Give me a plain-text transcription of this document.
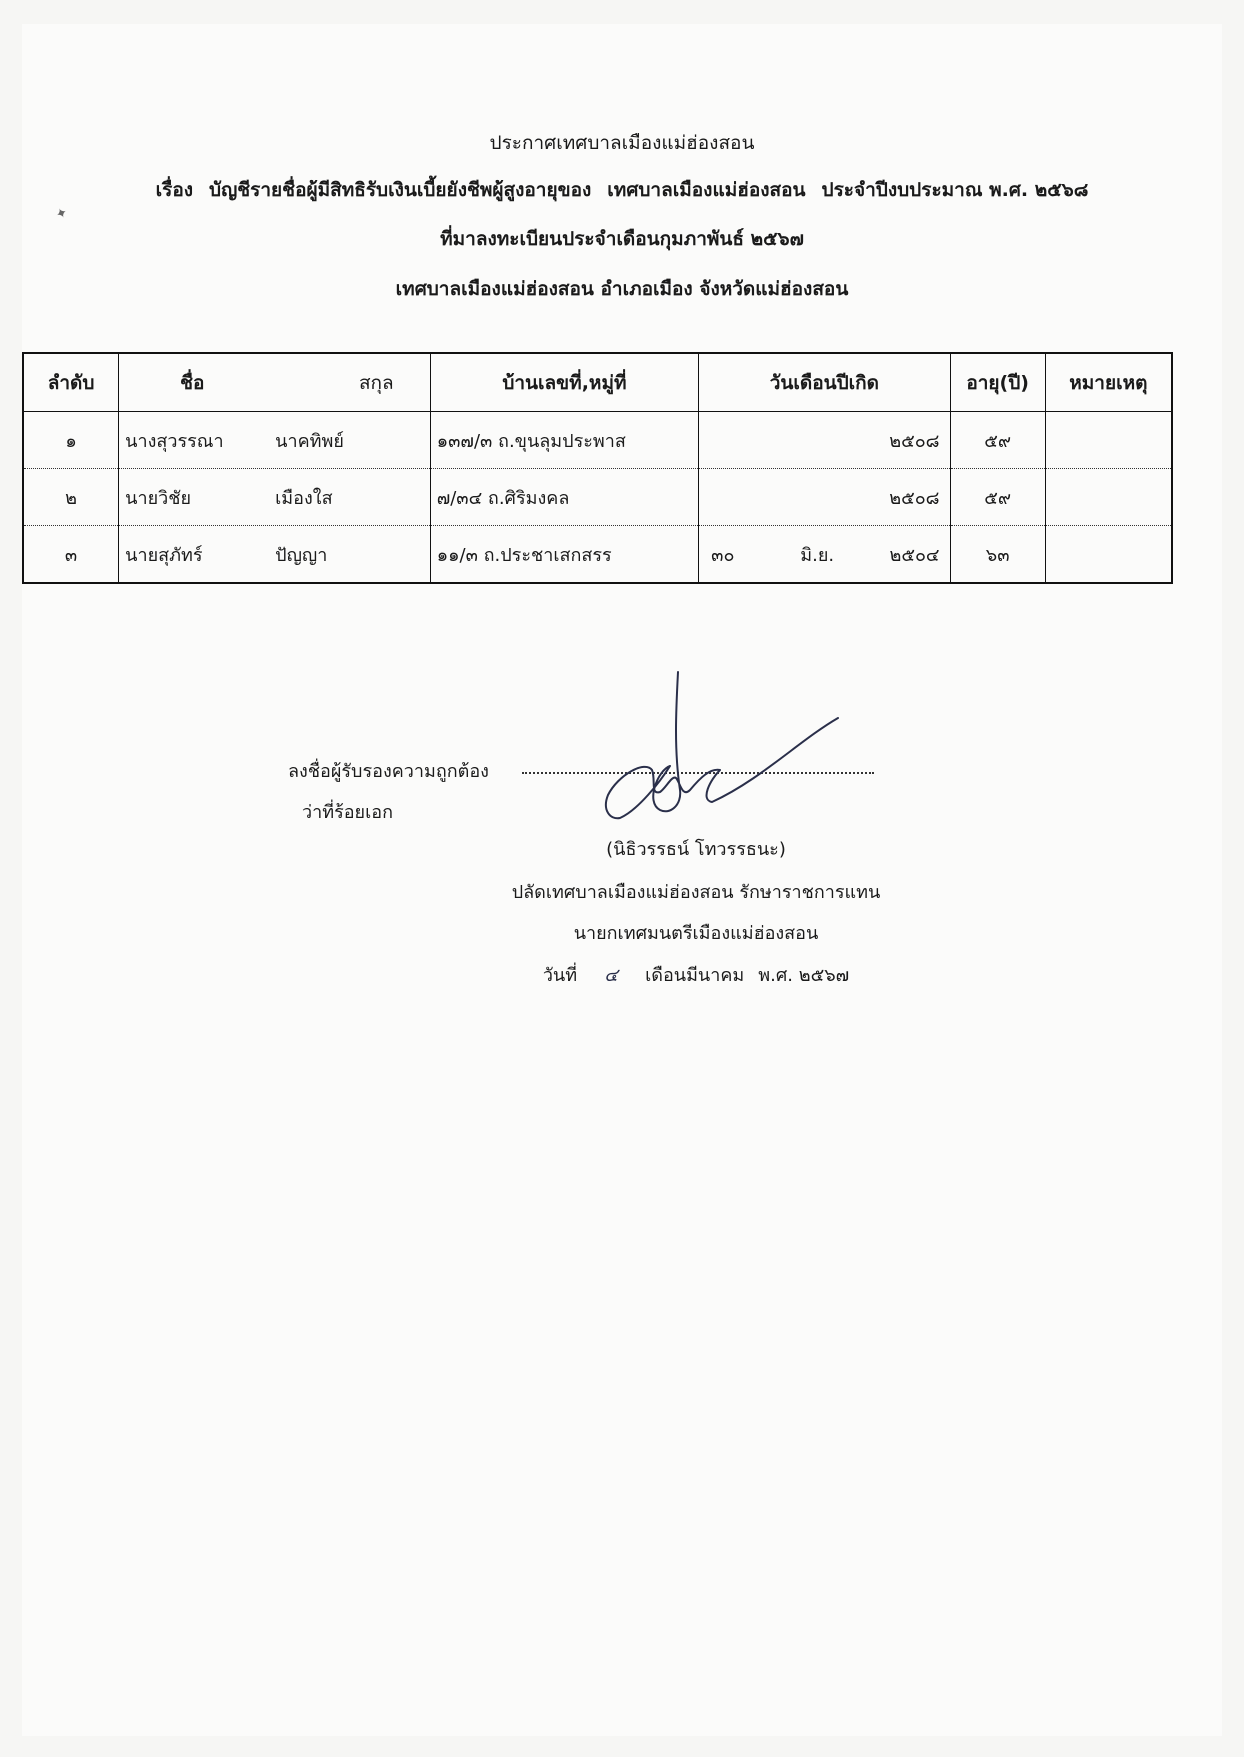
ประกาศเทศบาลเมืองแม่ฮ่องสอน
✦
เรื่อง บัญชีรายชื่อผู้มีสิทธิรับเงินเบี้ยยังชีพผู้สูงอายุของ เทศบาลเมืองแม่ฮ่องสอน ประจำปีงบประมาณ พ.ศ. ๒๕๖๘
ที่มาลงทะเบียนประจำเดือนกุมภาพันธ์ ๒๕๖๗
เทศบาลเมืองแม่ฮ่องสอน อำเภอเมือง จังหวัดแม่ฮ่องสอน
ลำดับ	ชื่อ สกุล	บ้านเลขที่,หมู่ที่	วันเดือนปีเกิด	อายุ(ปี)	หมายเหตุ
๑	นางสุวรรณา นาคทิพย์	๑๓๗/๓ ถ.ขุนลุมประพาส	๒๕๐๘	๕๙	
๒	นายวิชัย เมืองใส	๗/๓๔ ถ.ศิริมงคล	๒๕๐๘	๕๙	
๓	นายสุภัทร์ ปัญญา	๑๑/๓ ถ.ประชาเสกสรร	๓๐ มิ.ย. ๒๕๐๔	๖๓	
ลงชื่อผู้รับรองความถูกต้อง
ว่าที่ร้อยเอก
(นิธิวรรธน์ โทวรรธนะ)
ปลัดเทศบาลเมืองแม่ฮ่องสอน รักษาราชการแทน
นายกเทศมนตรีเมืองแม่ฮ่องสอน
วันที่ ๔ เดือนมีนาคม พ.ศ. ๒๕๖๗
